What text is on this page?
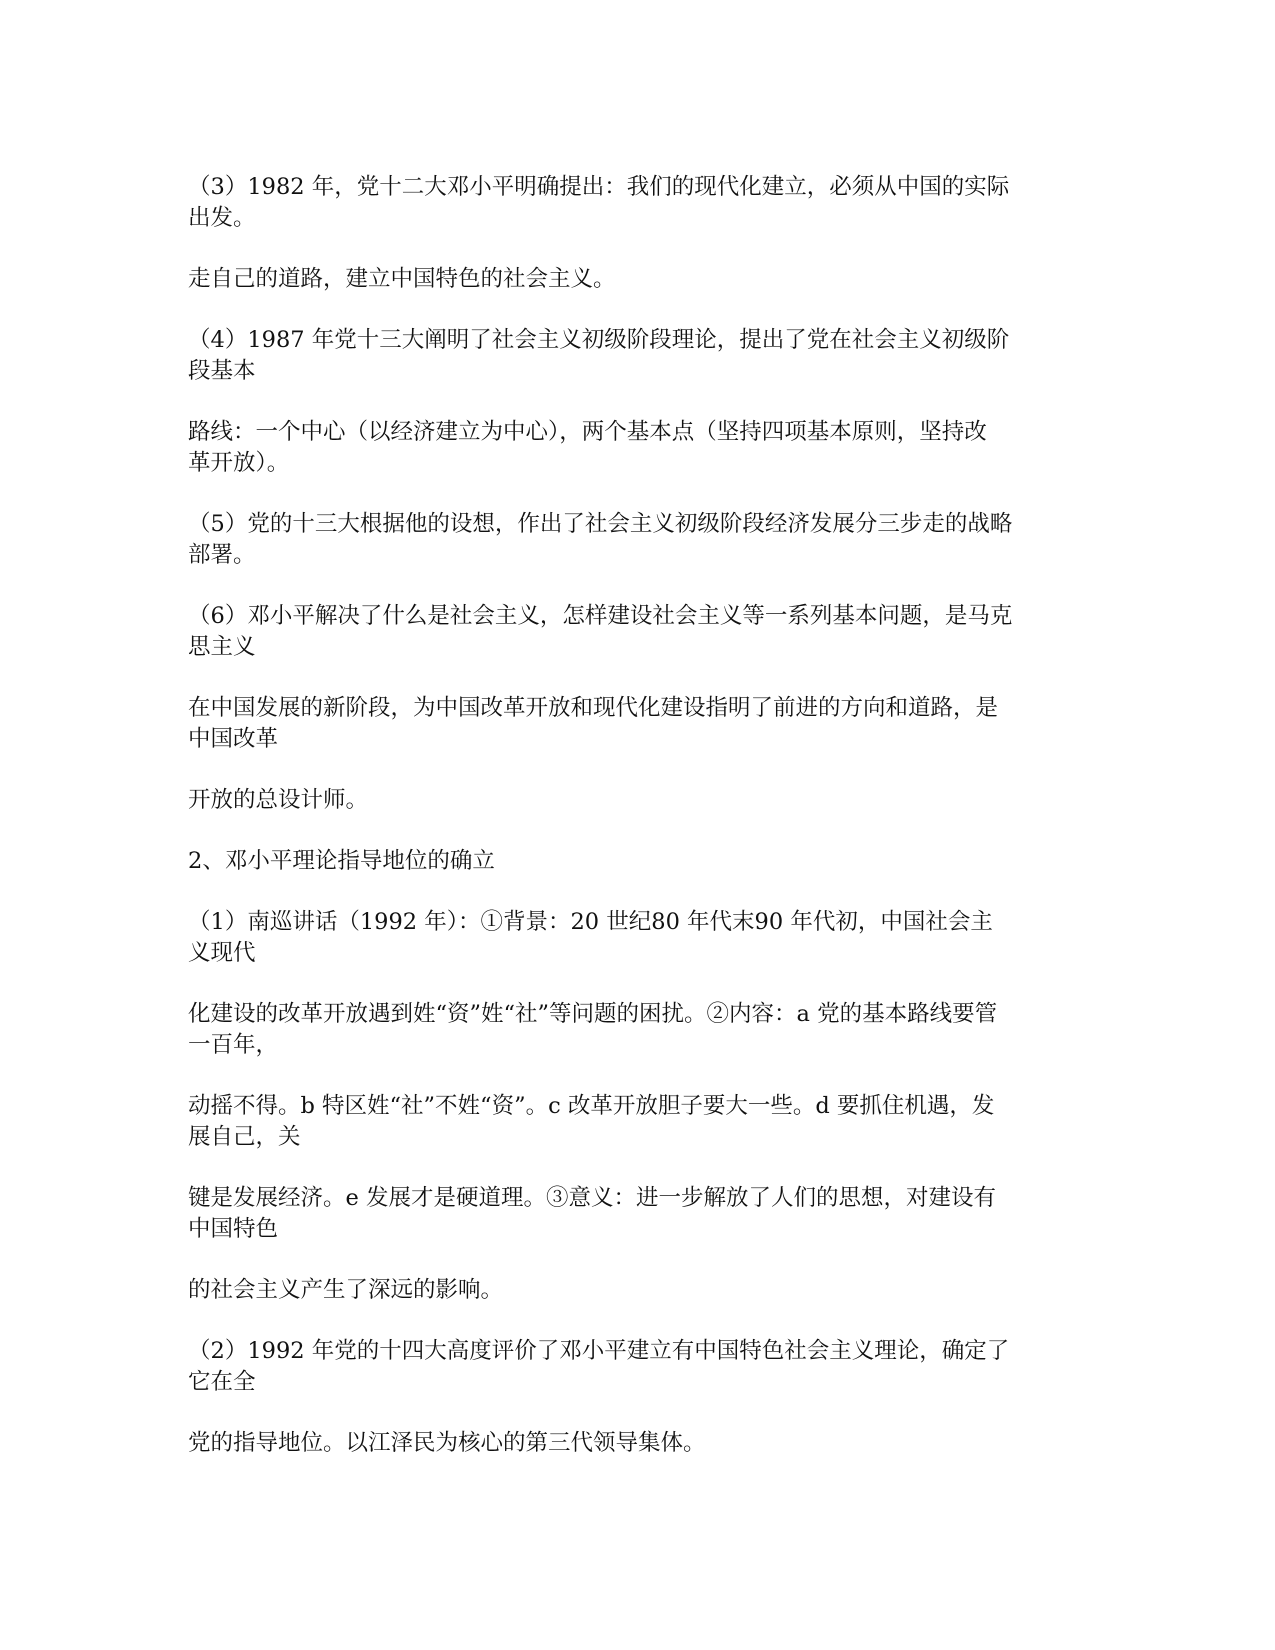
（3）1982 年，党十二大邓小平明确提出：我们的现代化建立，必须从中国的实际
出发。

走自己的道路，建立中国特色的社会主义。

（4）1987 年党十三大阐明了社会主义初级阶段理论，提出了党在社会主义初级阶
段基本

路线：一个中心（以经济建立为中心），两个基本点（坚持四项基本原则，坚持改
革开放）。

（5）党的十三大根据他的设想，作出了社会主义初级阶段经济发展分三步走的战略
部署。

（6）邓小平解决了什么是社会主义，怎样建设社会主义等一系列基本问题，是马克
思主义

在中国发展的新阶段，为中国改革开放和现代化建设指明了前进的方向和道路，是
中国改革

开放的总设计师。

2、邓小平理论指导地位的确立

（1）南巡讲话（1992 年）：①背景：20 世纪80 年代末90 年代初，中国社会主
义现代

化建设的改革开放遇到姓“资”姓“社”等问题的困扰。②内容：a 党的基本路线要管
一百年，

动摇不得。b 特区姓“社”不姓“资”。c 改革开放胆子要大一些。d 要抓住机遇，发
展自己，关

键是发展经济。e 发展才是硬道理。③意义：进一步解放了人们的思想，对建设有
中国特色

的社会主义产生了深远的影响。

（2）1992 年党的十四大高度评价了邓小平建立有中国特色社会主义理论，确定了
它在全

党的指导地位。以江泽民为核心的第三代领导集体。
